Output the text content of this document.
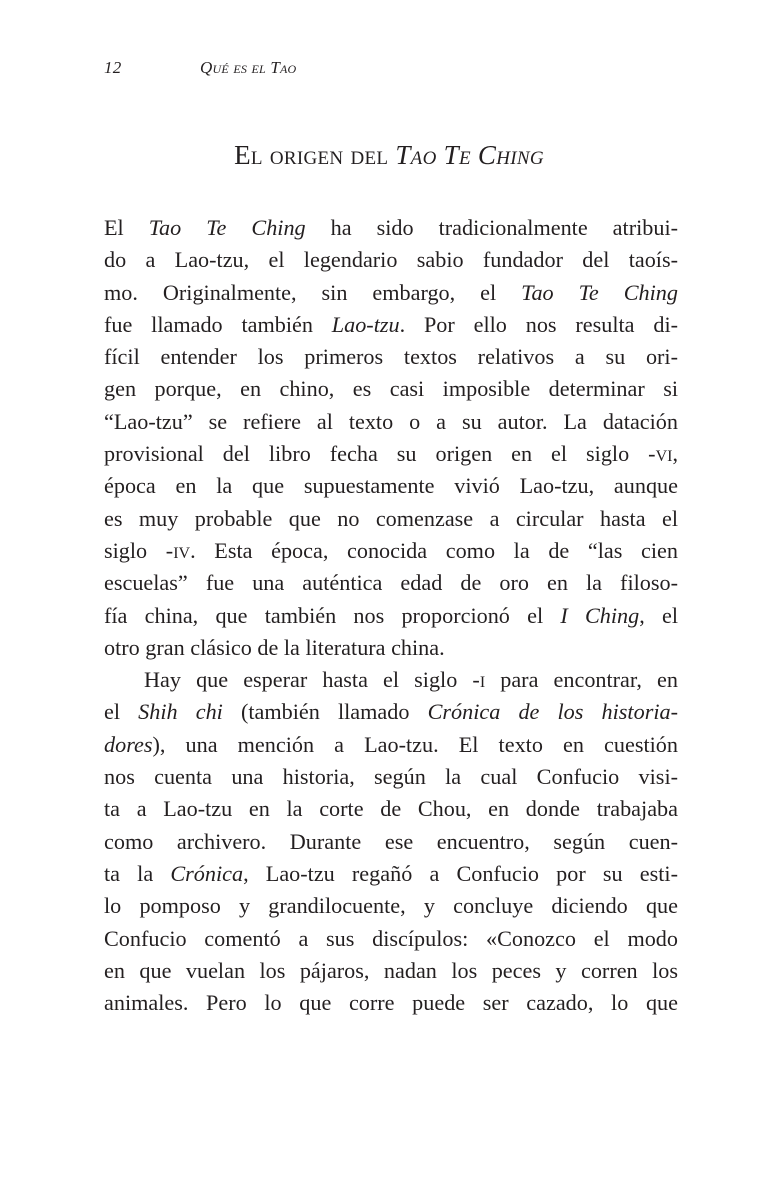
12	Qué es el Tao
El origen del Tao Te Ching
El Tao Te Ching ha sido tradicionalmente atribui-
do a Lao-tzu, el legendario sabio fundador del taoís-
mo. Originalmente, sin embargo, el Tao Te Ching
fue llamado también Lao-tzu. Por ello nos resulta di-
fícil entender los primeros textos relativos a su ori-
gen porque, en chino, es casi imposible determinar si
“Lao-tzu” se refiere al texto o a su autor. La datación
provisional del libro fecha su origen en el siglo -vi,
época en la que supuestamente vivió Lao-tzu, aunque
es muy probable que no comenzase a circular hasta el
siglo -iv. Esta época, conocida como la de “las cien
escuelas” fue una auténtica edad de oro en la filoso-
fía china, que también nos proporcionó el I Ching, el
otro gran clásico de la literatura china.
Hay que esperar hasta el siglo -i para encontrar, en
el Shih chi (también llamado Crónica de los historia-
dores), una mención a Lao-tzu. El texto en cuestión
nos cuenta una historia, según la cual Confucio visi-
ta a Lao-tzu en la corte de Chou, en donde trabajaba
como archivero. Durante ese encuentro, según cuen-
ta la Crónica, Lao-tzu regañó a Confucio por su esti-
lo pomposo y grandilocuente, y concluye diciendo que
Confucio comentó a sus discípulos: «Conozco el modo
en que vuelan los pájaros, nadan los peces y corren los
animales. Pero lo que corre puede ser cazado, lo que
